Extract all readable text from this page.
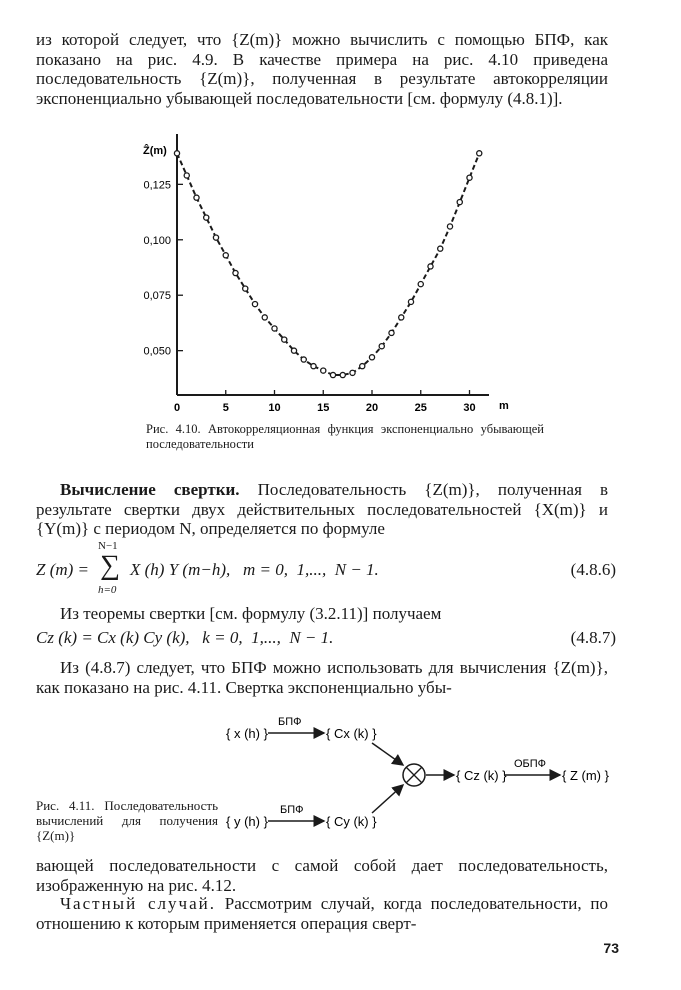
из которой следует, что {Z(m)} можно вычислить с помощью БПФ, как показано на рис. 4.9. В качестве примера на рис. 4.10 приведена последовательность {Z(m)}, полученная в результате автокорреляции экспоненциально убывающей последовательности [см. формулу (4.8.1)].

0,050
0,075
0,100
0,125
0	5	10	15	20	25	30
Ẑ(m)
m

Рис. 4.10. Автокорреляционная функция экспоненциально убывающей последовательности

Вычисление свертки. Последовательность {Z(m)}, полученная в результате свертки двух действительных последовательностей {X(m)} и {Y(m)} с периодом N, определяется по формуле

Z (m) =
N−1
∑
h=0
X (h) Y (m−h),   m = 0,  1,...,  N − 1.	(4.8.6)

Из теоремы свертки [см. формулу (3.2.11)] получаем

Cz (k) = Cx (k) Cy (k),   k = 0,  1,...,  N − 1.	(4.8.7)

Из (4.8.7) следует, что БПФ можно использовать для вычисления {Z(m)}, как показано на рис. 4.11. Свертка экспоненциально убы-

{ x (h) }
БПФ
{ Cx (k) }
{ y (h) }
БПФ
{ Cy (k) }
{ Cz (k) }
ОБПФ
{ Z (m) }

Рис. 4.11. Последовательность вычислений для получения {Z(m)}

вающей последовательности с самой собой дает последовательность, изображенную на рис. 4.12.

Частный случай. Рассмотрим случай, когда последовательности, по отношению к которым применяется операция сверт-

73
